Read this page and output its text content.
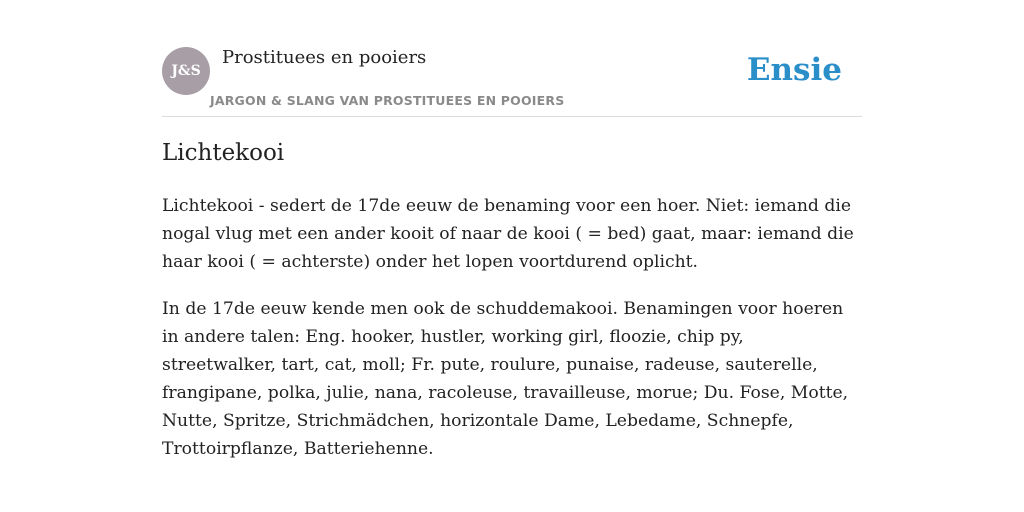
J&S
Prostituees en pooiers
JARGON & SLANG VAN PROSTITUEES EN POOIERS
Ensie
Lichtekooi

Lichtekooi - sedert de 17de eeuw de benaming voor een hoer. Niet: iemand die nogal vlug met een ander kooit of naar de kooi ( = bed) gaat, maar: iemand die haar kooi ( = achterste) onder het lopen voortdurend oplicht.

In de 17de eeuw kende men ook de schuddemakooi. Benamingen voor hoeren in andere talen: Eng. hooker, hustler, working girl, floozie, chip py, streetwalker, tart, cat, moll; Fr. pute, roulure, punaise, radeuse, sauterelle, frangipane, polka, julie, nana, racoleuse, travailleuse, morue; Du. Fose, Motte, Nutte, Spritze, Strichmädchen, horizontale Dame, Lebedame, Schnepfe, Trottoirpflanze, Batteriehenne.
